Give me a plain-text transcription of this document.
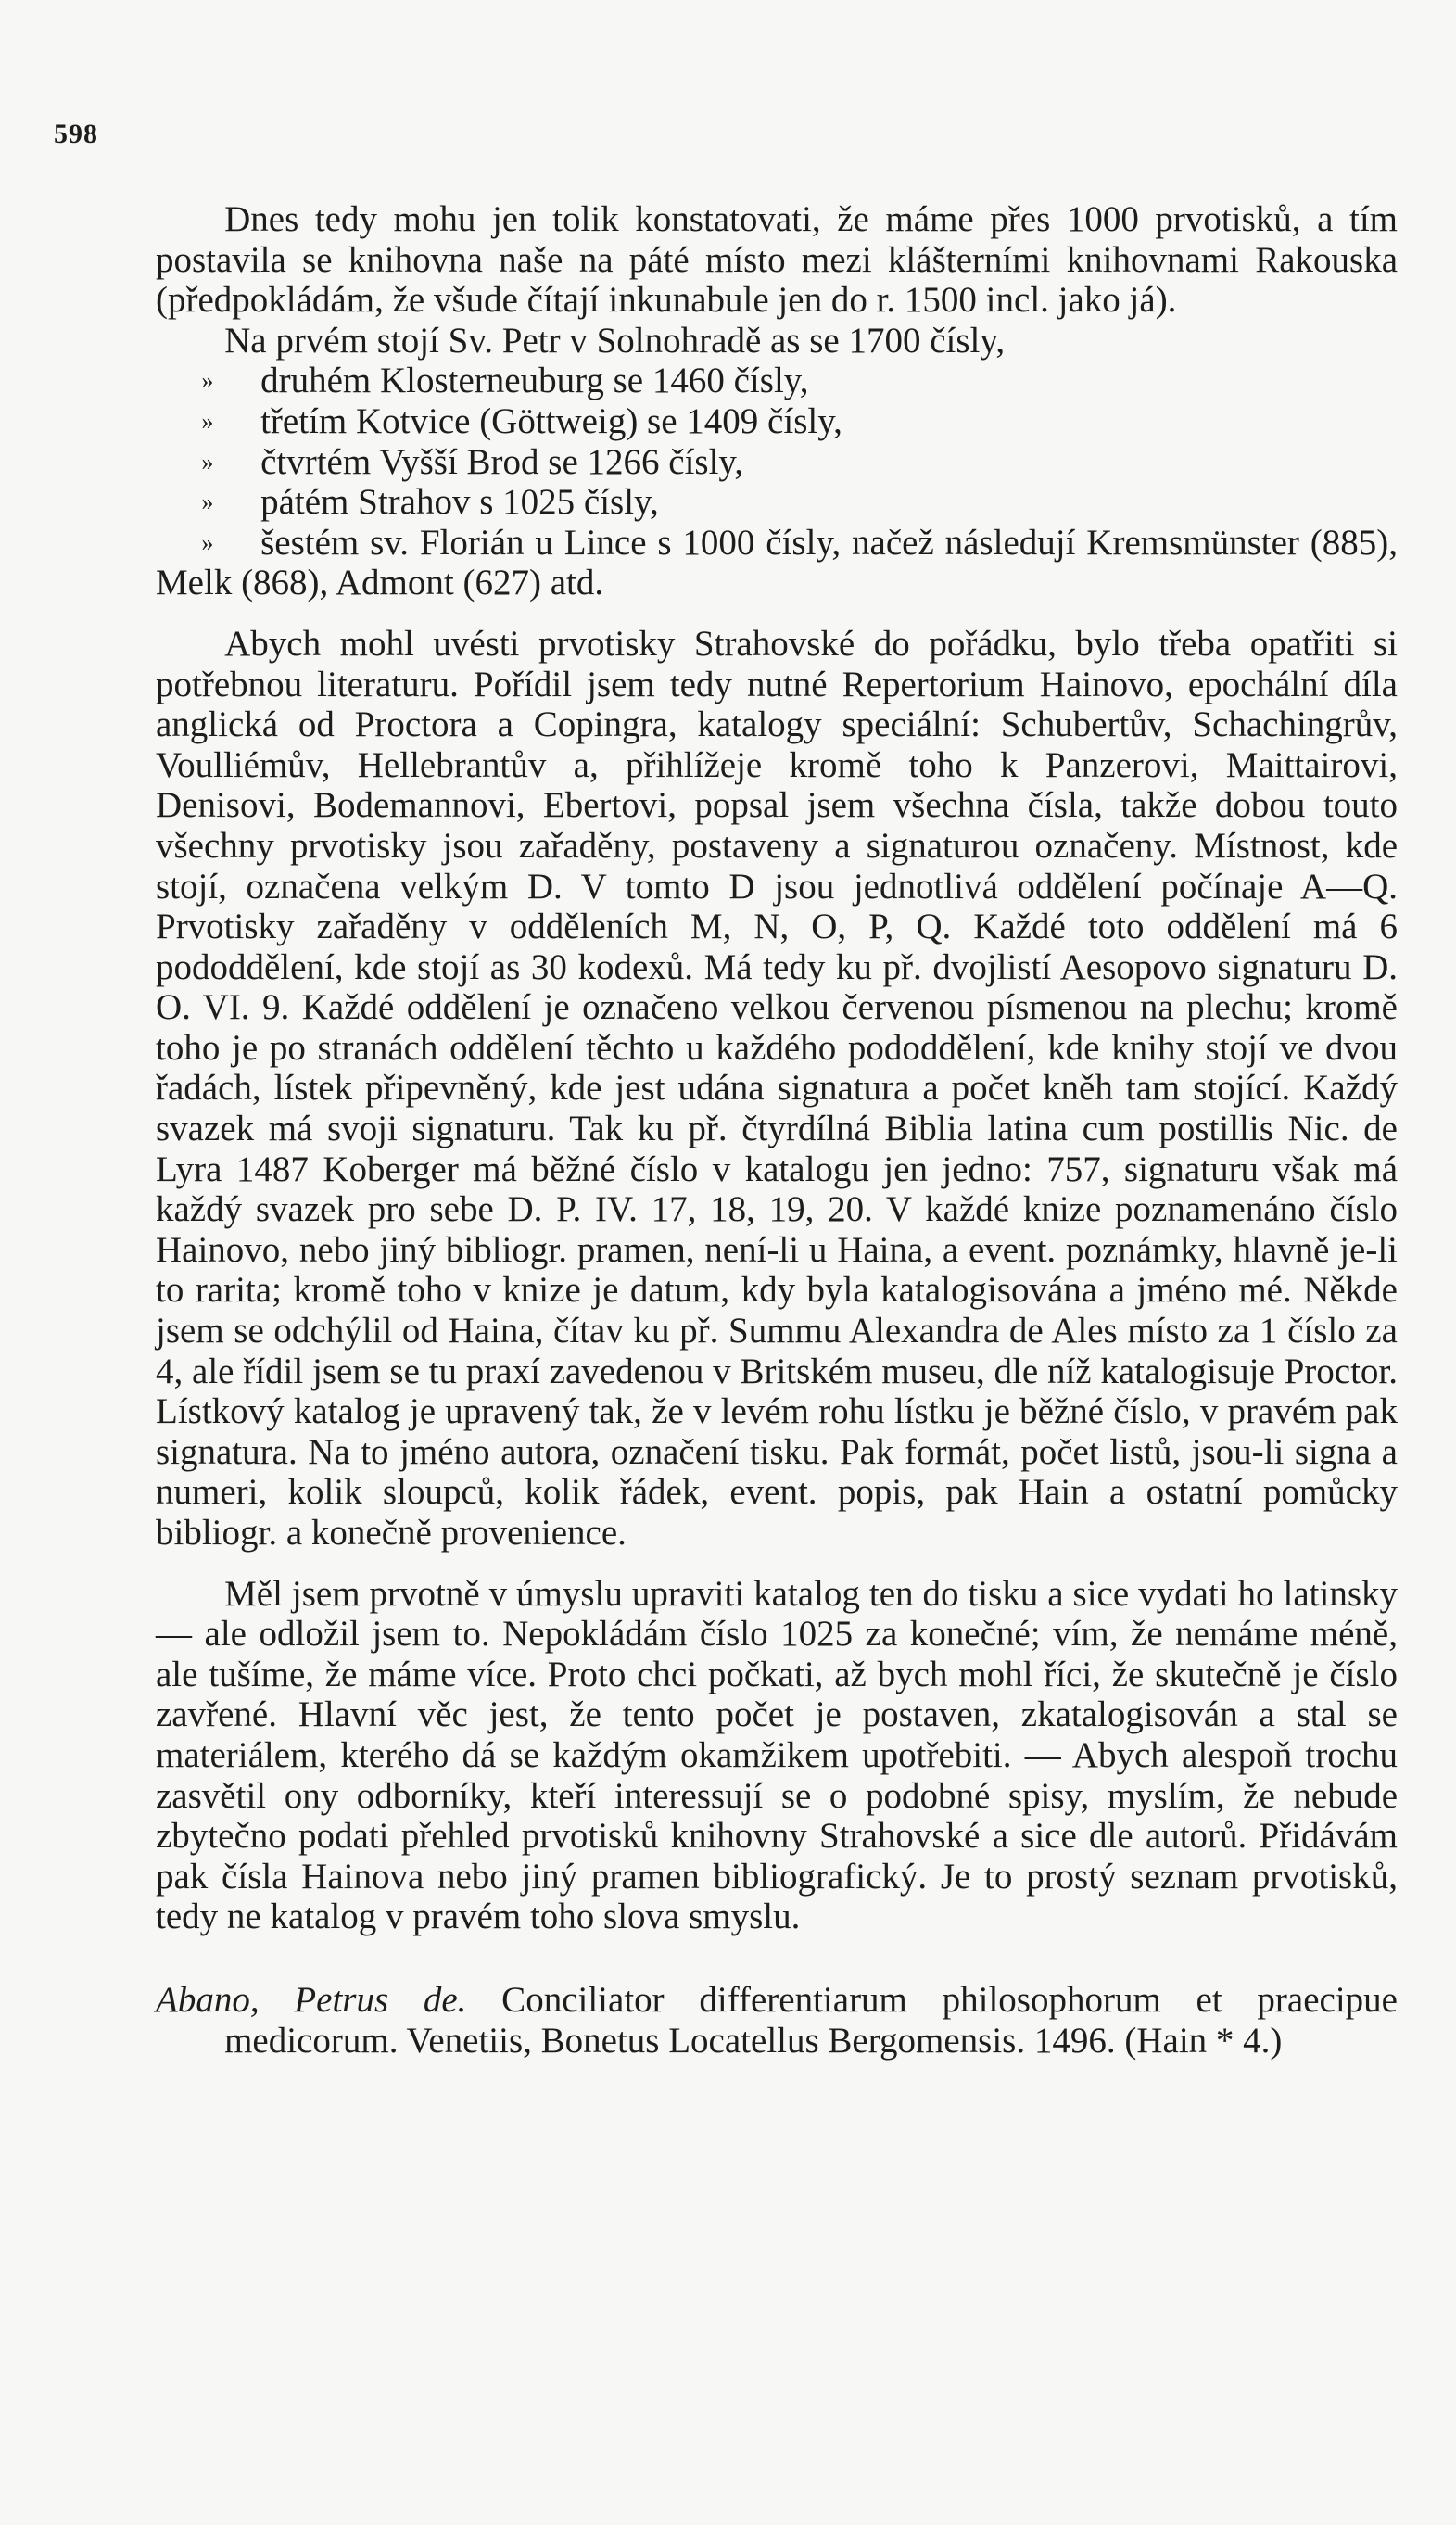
598

Dnes tedy mohu jen tolik konstatovati, že máme přes 1000 prvotisků, a tím postavila se knihovna naše na páté místo mezi klášterními knihovnami Rakouska (předpokládám, že všude čítají inkunabule jen do r. 1500 incl. jako já).

Na prvém stojí Sv. Petr v Solnohradě as se 1700 čísly,
» druhém Klosterneuburg se 1460 čísly,
» třetím Kotvice (Göttweig) se 1409 čísly,
» čtvrtém Vyšší Brod se 1266 čísly,
» pátém Strahov s 1025 čísly,
» šestém sv. Florián u Lince s 1000 čísly, načež následují Kremsmünster (885), Melk (868), Admont (627) atd.

Abych mohl uvésti prvotisky Strahovské do pořádku, bylo třeba opatřiti si potřebnou literaturu. Pořídil jsem tedy nutné Repertorium Hainovo, epochální díla anglická od Proctora a Copingra, katalogy speciální: Schubertův, Schachingrův, Voulliémův, Hellebrantův a, přihlížeje kromě toho k Panzerovi, Maittairovi, Denisovi, Bodemannovi, Ebertovi, popsal jsem všechna čísla, takže dobou touto všechny prvotisky jsou zařaděny, postaveny a signaturou označeny. Místnost, kde stojí, označena velkým D. V tomto D jsou jednotlivá oddělení počínaje A—Q. Prvotisky zařaděny v odděleních M, N, O, P, Q. Každé toto oddělení má 6 pododdělení, kde stojí as 30 kodexů. Má tedy ku př. dvojlistí Aesopovo signaturu D. O. VI. 9. Každé oddělení je označeno velkou červenou písmenou na plechu; kromě toho je po stranách oddělení těchto u každého pododdělení, kde knihy stojí ve dvou řadách, lístek připevněný, kde jest udána signatura a počet kněh tam stojící. Každý svazek má svoji signaturu. Tak ku př. čtyrdílná Biblia latina cum postillis Nic. de Lyra 1487 Koberger má běžné číslo v katalogu jen jedno: 757, signaturu však má každý svazek pro sebe D. P. IV. 17, 18, 19, 20. V každé knize poznamenáno číslo Hainovo, nebo jiný bibliogr. pramen, není-li u Haina, a event. poznámky, hlavně je-li to rarita; kromě toho v knize je datum, kdy byla katalogisována a jméno mé. Někde jsem se odchýlil od Haina, čítav ku př. Summu Alexandra de Ales místo za 1 číslo za 4, ale řídil jsem se tu praxí zavedenou v Britském museu, dle níž katalogisuje Proctor. Lístkový katalog je upravený tak, že v levém rohu lístku je běžné číslo, v pravém pak signatura. Na to jméno autora, označení tisku. Pak formát, počet listů, jsou-li signa a numeri, kolik sloupců, kolik řádek, event. popis, pak Hain a ostatní pomůcky bibliogr. a konečně provenience.

Měl jsem prvotně v úmyslu upraviti katalog ten do tisku a sice vydati ho latinsky — ale odložil jsem to. Nepokládám číslo 1025 za konečné; vím, že nemáme méně, ale tušíme, že máme více. Proto chci počkati, až bych mohl říci, že skutečně je číslo zavřené. Hlavní věc jest, že tento počet je postaven, zkatalogisován a stal se materiálem, kterého dá se každým okamžikem upotřebiti. — Abych alespoň trochu zasvětil ony odborníky, kteří interessují se o podobné spisy, myslím, že nebude zbytečno podati přehled prvotisků knihovny Strahovské a sice dle autorů. Přidávám pak čísla Hainova nebo jiný pramen bibliografický. Je to prostý seznam prvotisků, tedy ne katalog v pravém toho slova smyslu.

Abano, Petrus de. Conciliator differentiarum philosophorum et praecipue medicorum. Venetiis, Bonetus Locatellus Bergomensis. 1496. (Hain * 4.)
